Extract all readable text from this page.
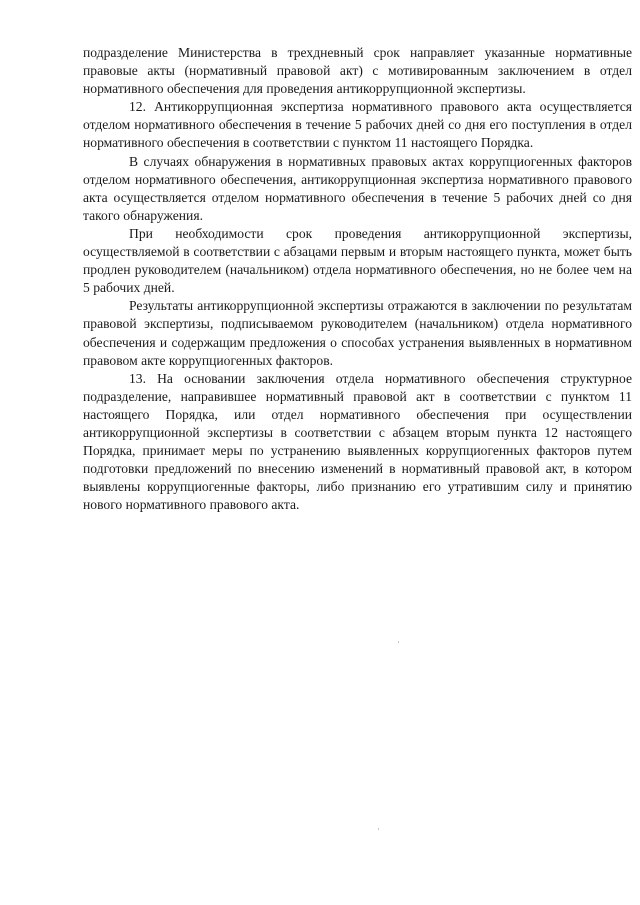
подразделение Министерства в трехдневный срок направляет указанные нормативные правовые акты (нормативный правовой акт) с мотивированным заключением в отдел нормативного обеспечения для проведения антикоррупционной экспертизы.

12. Антикоррупционная экспертиза нормативного правового акта осуществляется отделом нормативного обеспечения в течение 5 рабочих дней со дня его поступления в отдел нормативного обеспечения в соответствии с пунктом 11 настоящего Порядка.

В случаях обнаружения в нормативных правовых актах коррупциогенных факторов отделом нормативного обеспечения, антикоррупционная экспертиза нормативного правового акта осуществляется отделом нормативного обеспечения в течение 5 рабочих дней со дня такого обнаружения.

При необходимости срок проведения антикоррупционной экспертизы, осуществляемой в соответствии с абзацами первым и вторым настоящего пункта, может быть продлен руководителем (начальником) отдела нормативного обеспечения, но не более чем на 5 рабочих дней.

Результаты антикоррупционной экспертизы отражаются в заключении по результатам правовой экспертизы, подписываемом руководителем (начальником) отдела нормативного обеспечения и содержащим предложения о способах устранения выявленных в нормативном правовом акте коррупциогенных факторов.

13. На основании заключения отдела нормативного обеспечения структурное подразделение, направившее нормативный правовой акт в соответствии с пунктом 11 настоящего Порядка, или отдел нормативного обеспечения при осуществлении антикоррупционной экспертизы в соответствии с абзацем вторым пункта 12 настоящего Порядка, принимает меры по устранению выявленных коррупциогенных факторов путем подготовки предложений по внесению изменений в нормативный правовой акт, в котором выявлены коррупциогенные факторы, либо признанию его утратившим силу и принятию нового нормативного правового акта.
